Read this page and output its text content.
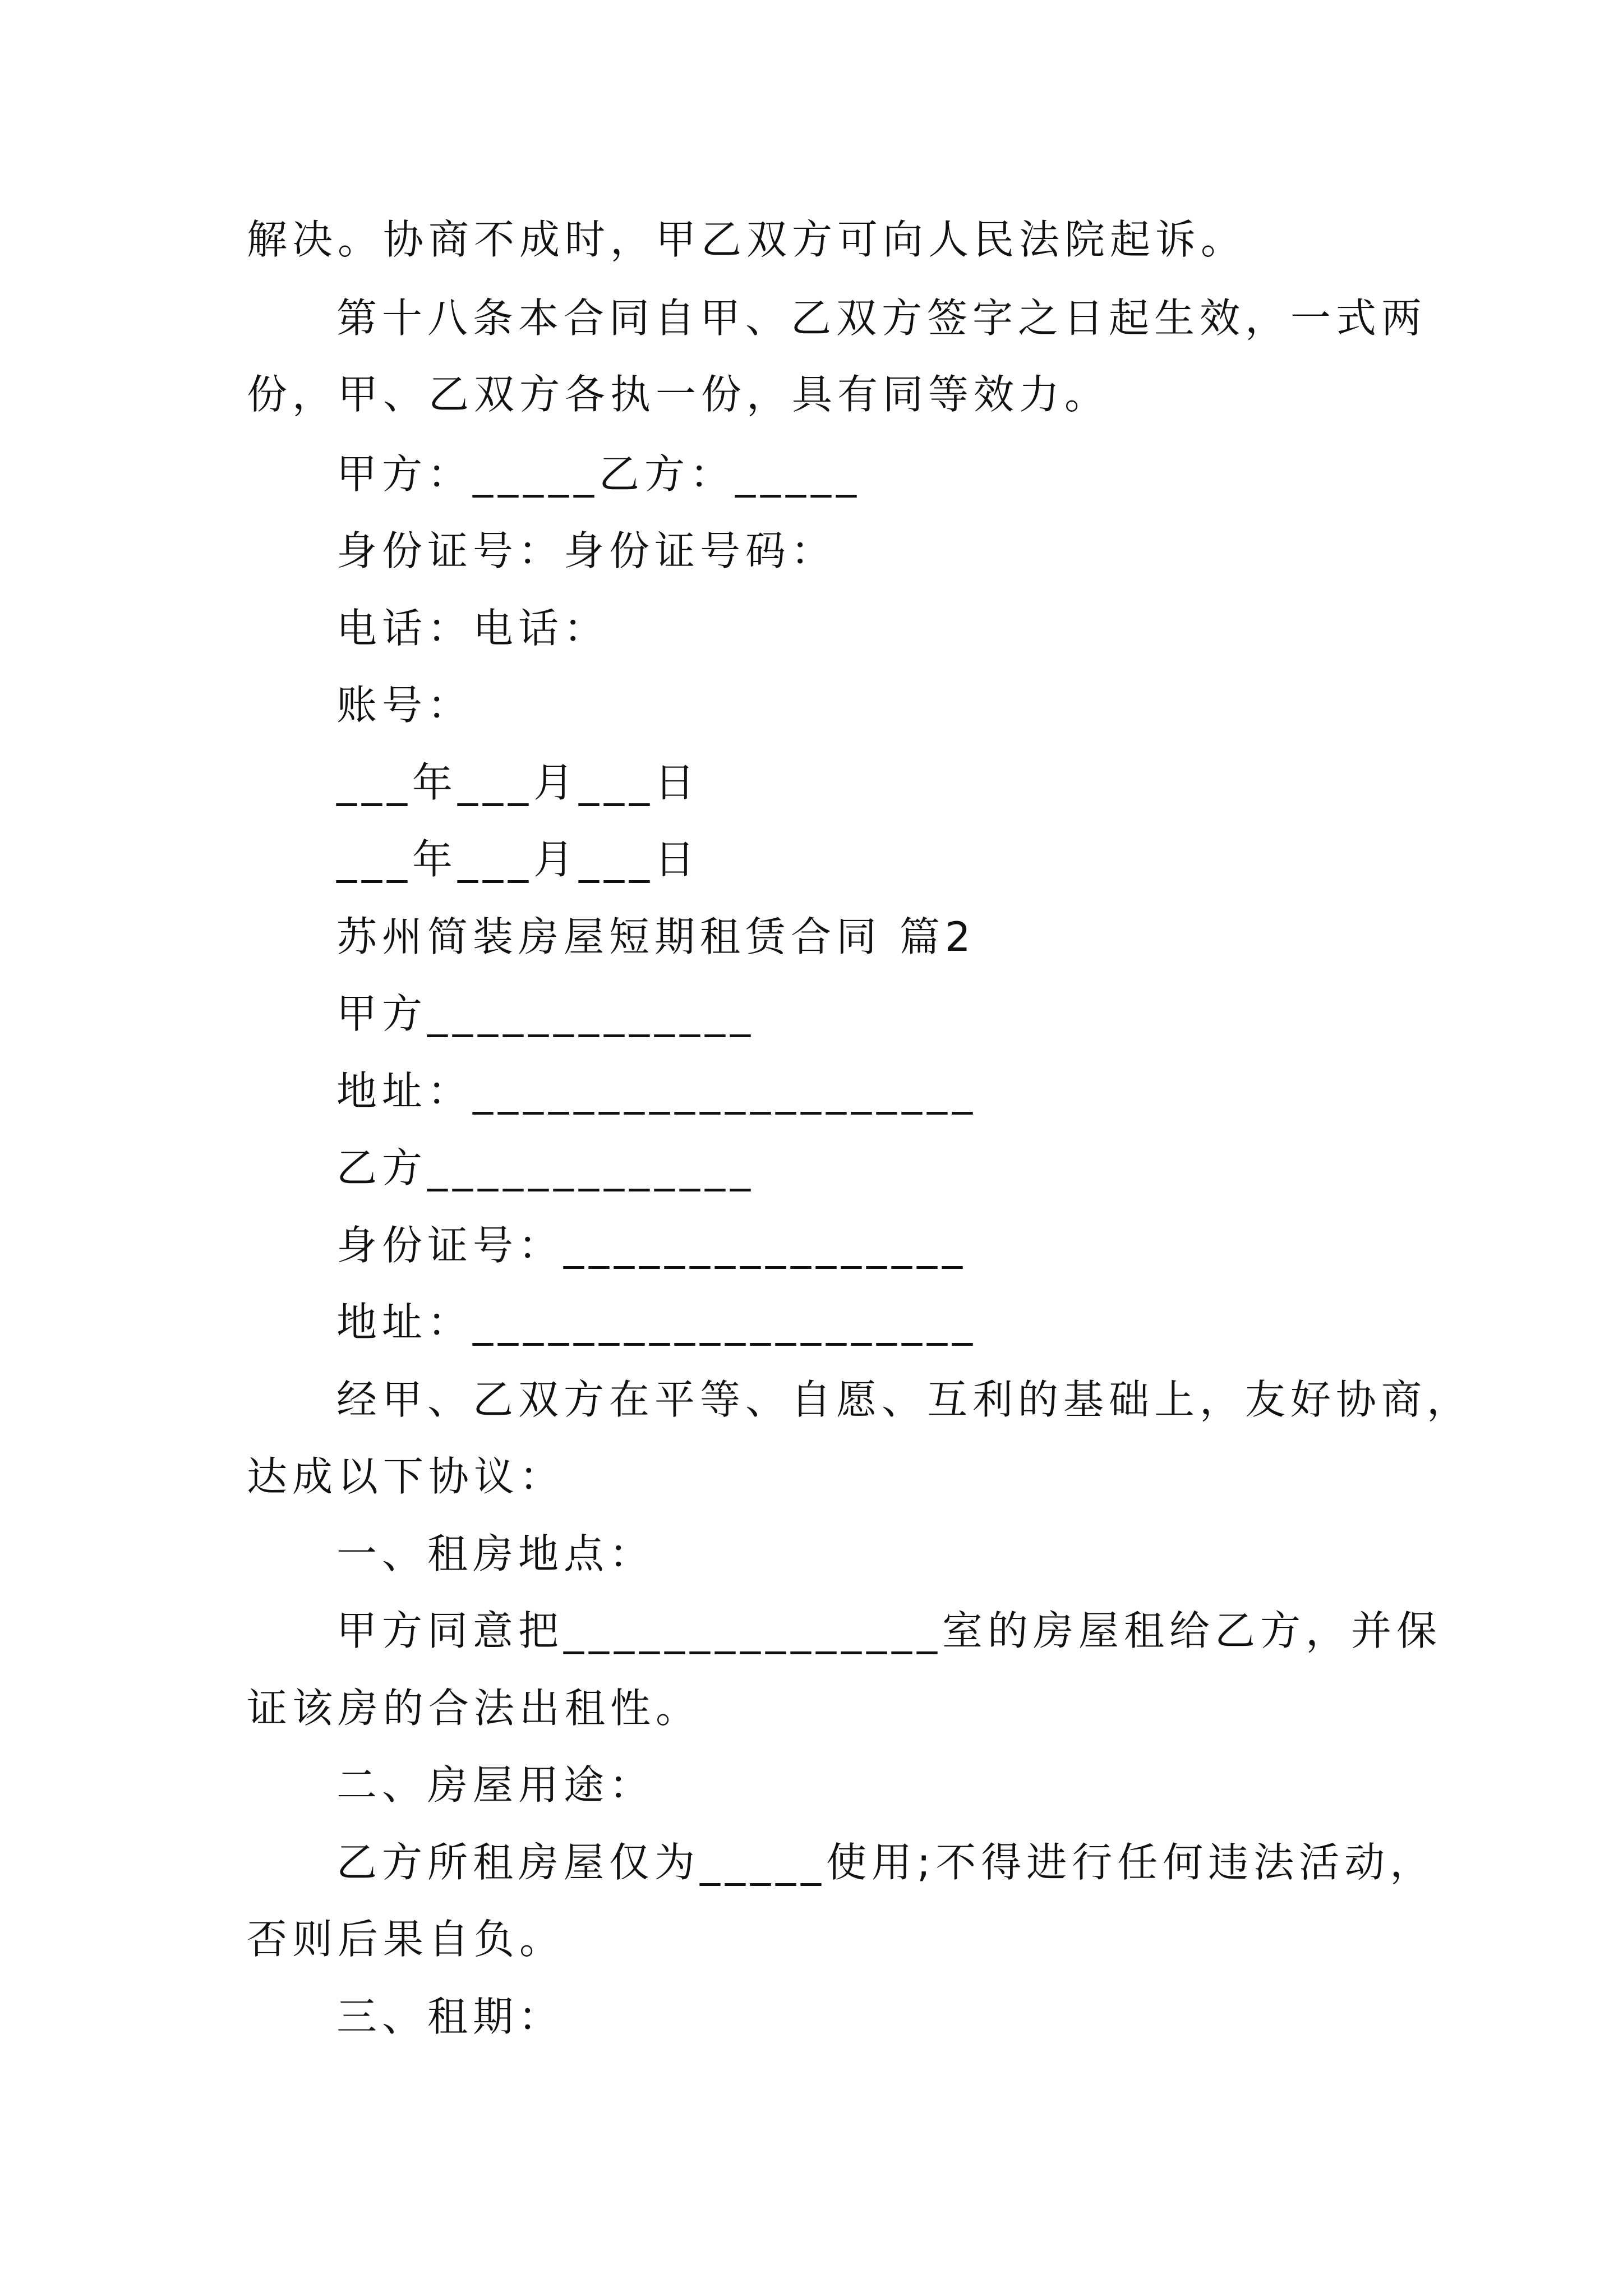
解决。协商不成时，甲乙双方可向人民法院起诉。
第十八条本合同自甲、乙双方签字之日起生效，一式两
份，甲、乙双方各执一份，具有同等效力。
甲方：_____乙方：_____
身份证号：身份证号码：
电话：电话：
账号：
___年___月___日
___年___月___日
苏州简装房屋短期租赁合同 篇2
甲方_____________
地址：____________________
乙方_____________
身份证号：________________
地址：____________________
经甲、乙双方在平等、自愿、互利的基础上，友好协商，
达成以下协议：
一、租房地点：
甲方同意把_______________室的房屋租给乙方，并保
证该房的合法出租性。
二、房屋用途：
乙方所租房屋仅为_____使用;不得进行任何违法活动，
否则后果自负。
三、租期：
